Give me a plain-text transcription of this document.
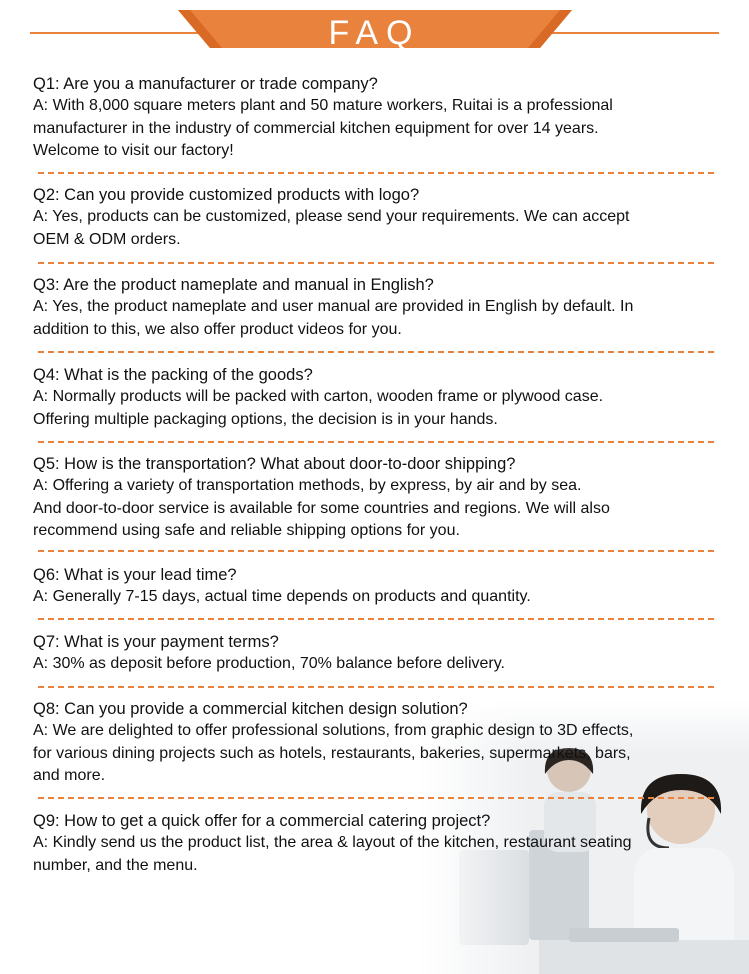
FAQ
Q1: Are you a manufacturer or trade company?
A: With 8,000 square meters plant and 50 mature workers, Ruitai is a professional
manufacturer in the industry of commercial kitchen equipment for over 14 years.
Welcome to visit our factory!
Q2: Can you provide customized products with logo?
A: Yes, products can be customized, please send your requirements. We can accept
OEM & ODM orders.
Q3: Are the product nameplate and manual in English?
A: Yes, the product nameplate and user manual are provided in English by default. In
addition to this, we also offer product videos for you.
Q4: What is the packing of the goods?
A: Normally products will be packed with carton, wooden frame or plywood case.
Offering multiple packaging options, the decision is in your hands.
Q5: How is the transportation? What about door-to-door shipping?
A: Offering a variety of transportation methods, by express, by air and by sea.
And door-to-door service is available for some countries and regions. We will also
recommend using safe and reliable shipping options for you.
Q6: What is your lead time?
A: Generally 7-15 days, actual time depends on products and quantity.
Q7: What is your payment terms?
A: 30% as deposit before production, 70% balance before delivery.
Q8: Can you provide a commercial kitchen design solution?
A: We are delighted to offer professional solutions, from graphic design to 3D effects,
for various dining projects such as hotels, restaurants, bakeries, supermarkets, bars,
and more.
Q9: How to get a quick offer for a commercial catering project?
A: Kindly send us the product list, the area & layout of the kitchen, restaurant seating
number, and the menu.
